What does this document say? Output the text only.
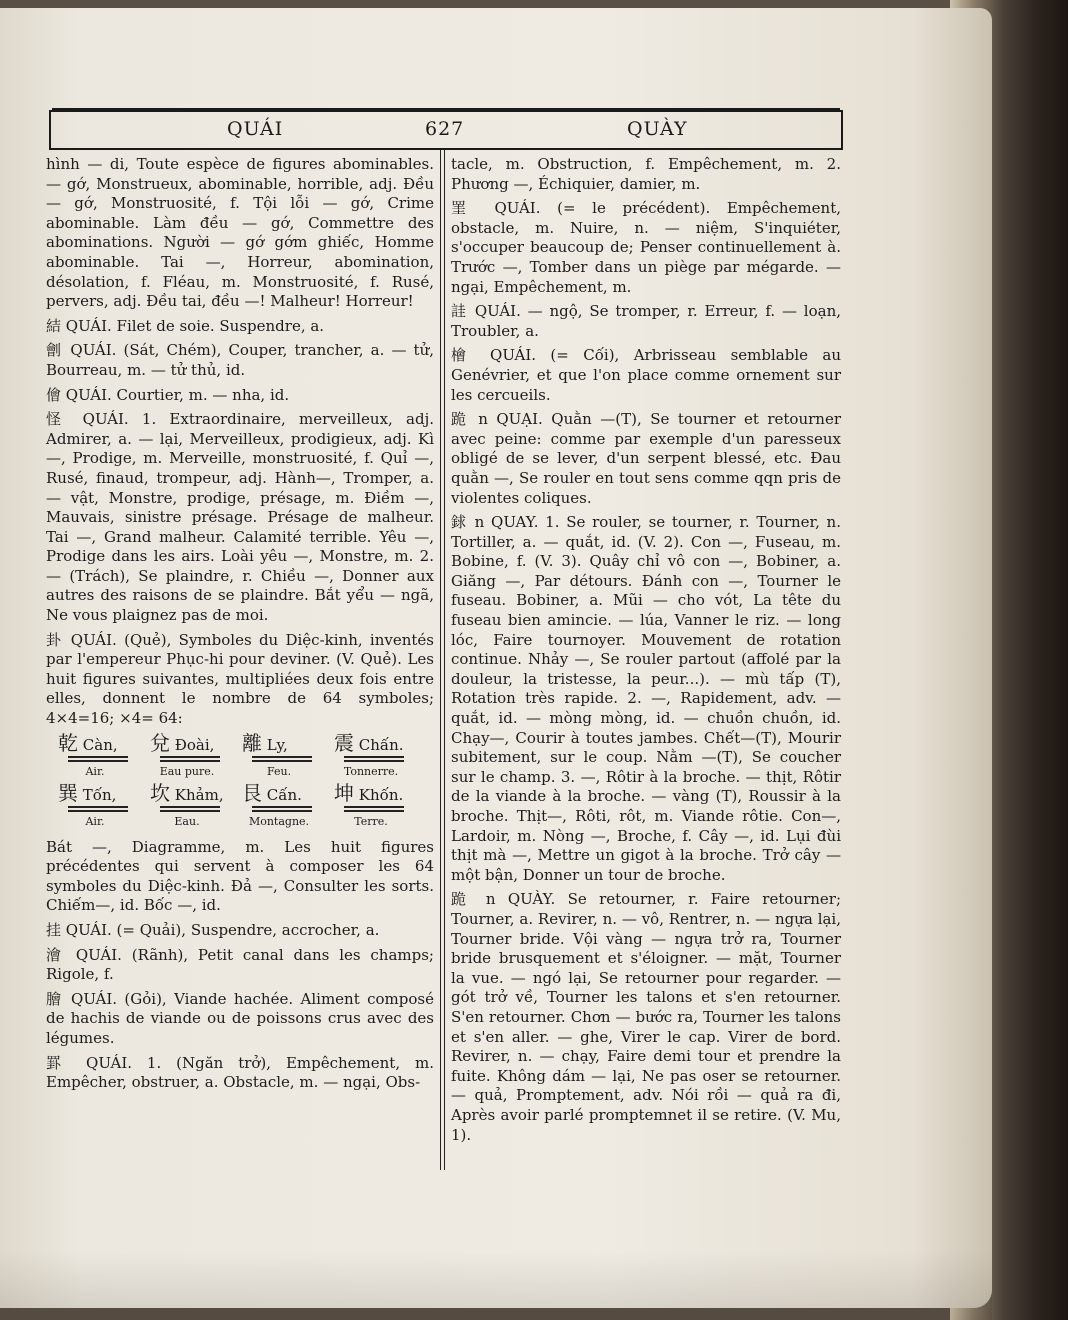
QUÁI	627	QUÀY

hình — di, Toute espèce de figures abominables. — gớ, Monstrueux, abominable, horrible, adj. Đều — gớ, Monstruosité, f. Tội lỗi — gớ, Crime abominable. Làm đều — gớ, Commettre des abominations. Người — gớ gớm ghiếc, Homme abominable. Tai —, Horreur, abomination, désolation, f. Fléau, m. Monstruosité, f. Rusé, pervers, adj. Đều tai, đều —! Malheur! Horreur!

結 QUÁI. Filet de soie. Suspendre, a.

劊 QUÁI. (Sát, Chém), Couper, trancher, a. — tử, Bourreau, m. — tử thủ, id.

儈 QUÁI. Courtier, m. — nha, id.

怪 QUÁI. 1. Extraordinaire, merveilleux, adj. Admirer, a. — lại, Merveilleux, prodigieux, adj. Kì —, Prodige, m. Merveille, monstruosité, f. Quỉ —, Rusé, finaud, trompeur, adj. Hành—, Tromper, a. — vật, Monstre, prodige, présage, m. Điềm —, Mauvais, sinistre présage. Présage de malheur. Tai —, Grand malheur. Calamité terrible. Yêu —, Prodige dans les airs. Loài yêu —, Monstre, m. 2. — (Trách), Se plaindre, r. Chiều —, Donner aux autres des raisons de se plaindre. Bắt yểu — ngã, Ne vous plaignez pas de moi.

卦 QUÁI. (Quẻ), Symboles du Diệc-kinh, inventés par l'empereur Phục-hi pour deviner. (V. Quẻ). Les huit figures suivantes, multipliées deux fois entre elles, donnent le nombre de 64 symboles; 4×4=16; ×4= 64:

乾 Càn,
Air.
兌 Đoài,
Eau pure.
離 Ly,
Feu.
震 Chấn.
Tonnerre.
巽 Tốn,
Air.
坎 Khảm,
Eau.
艮 Cấn.
Montagne.
坤 Khốn.
Terre.

Bát —, Diagramme, m. Les huit figures précédentes qui servent à composer les 64 symboles du Diệc-kinh. Đả —, Consulter les sorts. Chiếm—, id. Bốc —, id.

挂 QUÁI. (= Quải), Suspendre, accrocher, a.

澮 QUÁI. (Rãnh), Petit canal dans les champs; Rigole, f.

膾 QUÁI. (Gỏi), Viande hachée. Aliment composé de hachis de viande ou de poissons crus avec des légumes.

罫 QUÁI. 1. (Ngăn trở), Empêchement, m. Empêcher, obstruer, a. Obstacle, m. — ngại, Obs-

tacle, m. Obstruction, f. Empêchement, m. 2. Phương —, Échiquier, damier, m.

罣 QUÁI. (= le précédent). Empêchement, obstacle, m. Nuire, n. — niệm, S'inquiéter, s'occuper beaucoup de; Penser continuellement à. Trước —, Tomber dans un piège par mégarde. — ngại, Empêchement, m.

詿 QUÁI. — ngộ, Se tromper, r. Erreur, f. — loạn, Troubler, a.

檜 QUÁI. (= Cối), Arbrisseau semblable au Genévrier, et que l'on place comme ornement sur les cercueils.

跪 n QUẠI. Quằn —(T), Se tourner et retourner avec peine: comme par exemple d'un paresseux obligé de se lever, d'un serpent blessé, etc. Đau quằn —, Se rouler en tout sens comme qqn pris de violentes coliques.

銶 n QUAY. 1. Se rouler, se tourner, r. Tourner, n. Tortiller, a. — quắt, id. (V. 2). Con —, Fuseau, m. Bobine, f. (V. 3). Quây chỉ vô con —, Bobiner, a. Giăng —, Par détours. Đánh con —, Tourner le fuseau. Bobiner, a. Mũi — cho vót, La tête du fuseau bien amincie. — lúa, Vanner le riz. — long lóc, Faire tournoyer. Mouvement de rotation continue. Nhảy —, Se rouler partout (affolé par la douleur, la tristesse, la peur...). — mù tấp (T), Rotation très rapide. 2. —, Rapidement, adv. — quắt, id. — mòng mòng, id. — chuồn chuồn, id. Chạy—, Courir à toutes jambes. Chết—(T), Mourir subitement, sur le coup. Nằm —(T), Se coucher sur le champ. 3. —, Rôtir à la broche. — thịt, Rôtir de la viande à la broche. — vàng (T), Roussir à la broche. Thịt—, Rôti, rôt, m. Viande rôtie. Con—, Lardoir, m. Nòng —, Broche, f. Cây —, id. Lụi đùi thịt mà —, Mettre un gigot à la broche. Trở cây — một bận, Donner un tour de broche.

跪 n QUÀY. Se retourner, r. Faire retourner; Tourner, a. Revirer, n. — vô, Rentrer, n. — ngựa lại, Tourner bride. Vội vàng — ngựa trở ra, Tourner bride brusquement et s'éloigner. — mặt, Tourner la vue. — ngó lại, Se retourner pour regarder. — gót trở về, Tourner les talons et s'en retourner. S'en retourner. Chơn — bước ra, Tourner les talons et s'en aller. — ghe, Virer le cap. Virer de bord. Revirer, n. — chạy, Faire demi tour et prendre la fuite. Không dám — lại, Ne pas oser se retourner. — quả, Promptement, adv. Nói rồi — quả ra đi, Après avoir parlé promptemnet il se retire. (V. Mu, 1).
